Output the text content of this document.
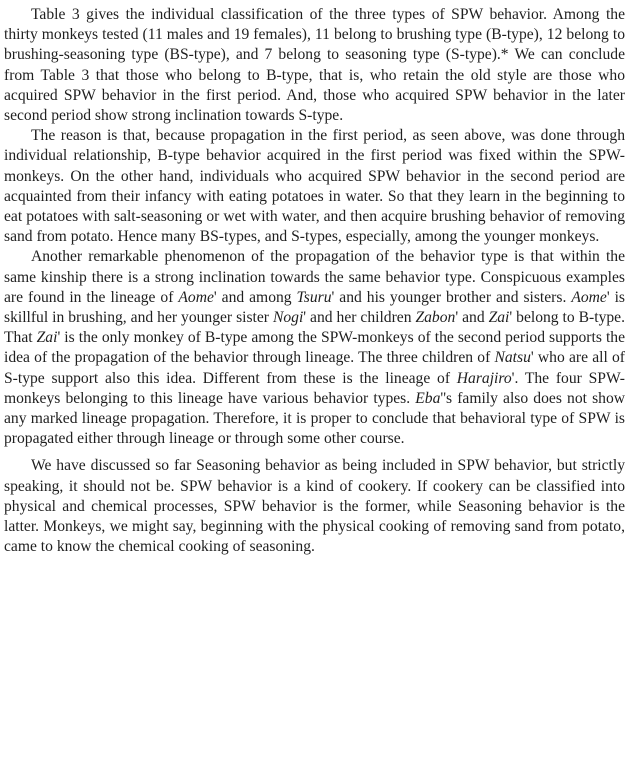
Table 3 gives the individual classification of the three types of SPW behavior. Among the thirty monkeys tested (11 males and 19 females), 11 belong to brushing type (B-type), 12 belong to brushing-seasoning type (BS-type), and 7 belong to seasoning type (S-type).* We can conclude from Table 3 that those who belong to B-type, that is, who retain the old style are those who acquired SPW behavior in the first period. And, those who acquired SPW behavior in the later second period show strong inclination towards S-type.

The reason is that, because propagation in the first period, as seen above, was done through individual relationship, B-type behavior acquired in the first period was fixed within the SPW-monkeys. On the other hand, individuals who acquired SPW behavior in the second period are acquainted from their infancy with eating potatoes in water. So that they learn in the beginning to eat potatoes with salt-seasoning or wet with water, and then acquire brushing behavior of removing sand from potato. Hence many BS-types, and S-types, especially, among the younger monkeys.

Another remarkable phenomenon of the propagation of the behavior type is that within the same kinship there is a strong inclination towards the same behavior type. Conspicuous examples are found in the lineage of Aome' and among Tsuru' and his younger brother and sisters. Aome' is skillful in brushing, and her younger sister Nogi' and her children Zabon' and Zai' belong to B-type. That Zai' is the only monkey of B-type among the SPW-monkeys of the second period supports the idea of the propagation of the behavior through lineage. The three children of Natsu' who are all of S-type support also this idea. Different from these is the lineage of Harajiro'. The four SPW-monkeys belonging to this lineage have various behavior types. Eba''s family also does not show any marked lineage propagation. Therefore, it is proper to conclude that behavioral type of SPW is propagated either through lineage or through some other course.

We have discussed so far Seasoning behavior as being included in SPW behavior, but strictly speaking, it should not be. SPW behavior is a kind of cookery. If cookery can be classified into physical and chemical processes, SPW behavior is the former, while Seasoning behavior is the latter. Monkeys, we might say, beginning with the physical cooking of removing sand from potato, came to know the chemical cooking of seasoning.
